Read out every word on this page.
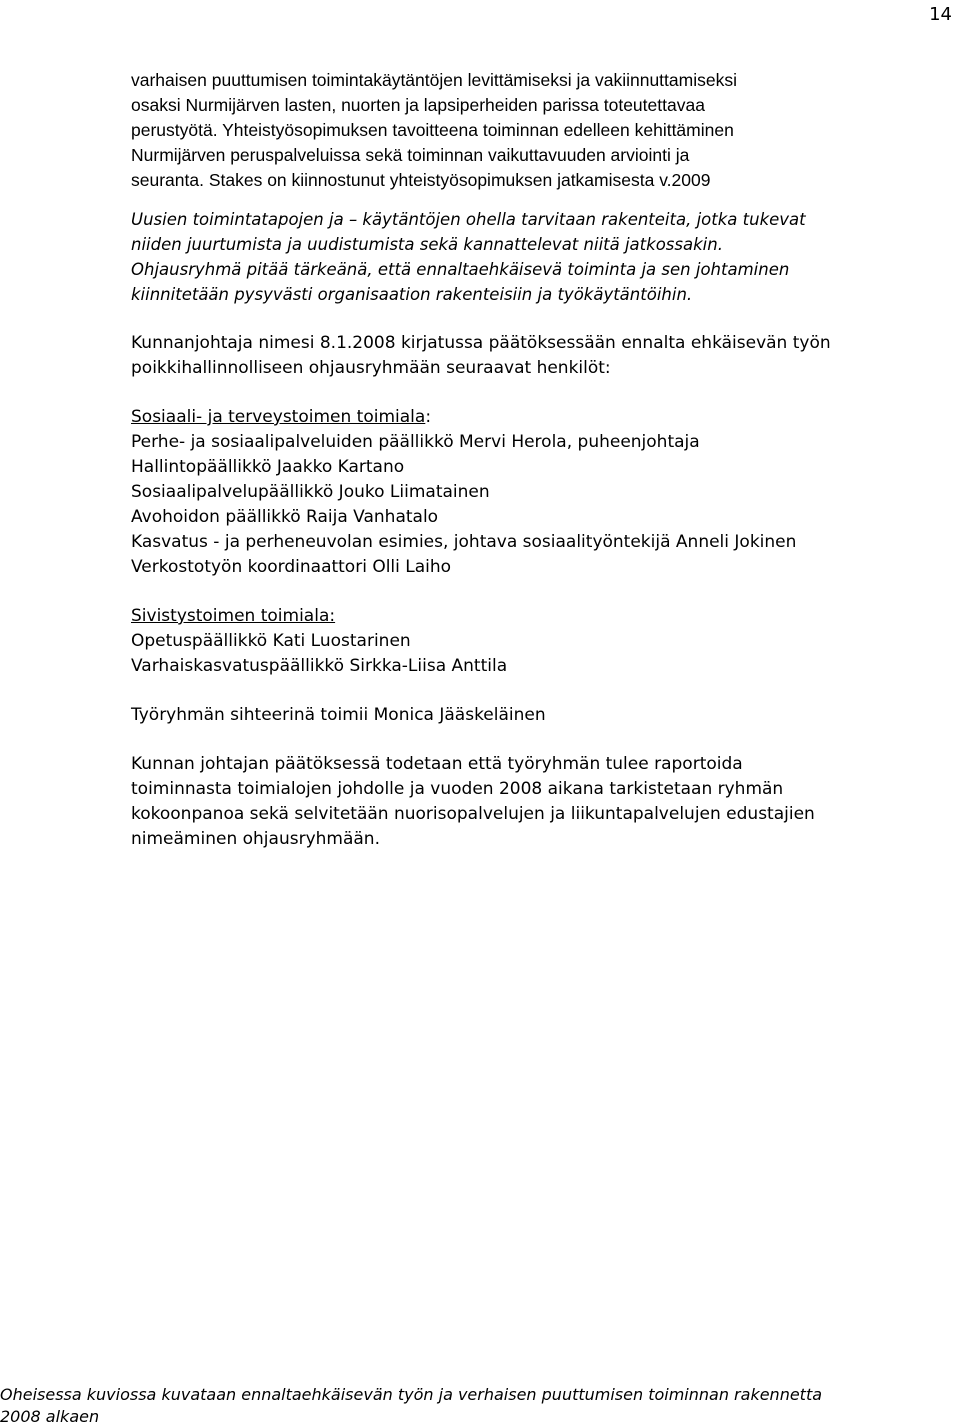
14

varhaisen puuttumisen toimintakäytäntöjen levittämiseksi ja vakiinnuttamiseksi

osaksi Nurmijärven lasten, nuorten ja lapsiperheiden parissa toteutettavaa

perustyötä. Yhteistyösopimuksen tavoitteena toiminnan edelleen kehittäminen

Nurmijärven peruspalveluissa sekä toiminnan vaikuttavuuden arviointi ja

seuranta. Stakes on kiinnostunut yhteistyösopimuksen jatkamisesta v.2009

Uusien toimintatapojen ja – käytäntöjen ohella tarvitaan rakenteita, jotka tukevat

niiden juurtumista ja uudistumista sekä kannattelevat niitä jatkossakin.

Ohjausryhmä pitää tärkeänä, että ennaltaehkäisevä toiminta ja sen johtaminen

kiinnitetään pysyvästi organisaation rakenteisiin ja työkäytäntöihin.

Kunnanjohtaja nimesi 8.1.2008 kirjatussa päätöksessään ennalta ehkäisevän työn

poikkihallinnolliseen ohjausryhmään seuraavat henkilöt:

Sosiaali- ja terveystoimen toimiala:

Perhe- ja sosiaalipalveluiden päällikkö Mervi Herola, puheenjohtaja

Hallintopäällikkö Jaakko Kartano

Sosiaalipalvelupäällikkö Jouko Liimatainen

Avohoidon päällikkö Raija Vanhatalo

Kasvatus - ja perheneuvolan esimies, johtava sosiaalityöntekijä Anneli Jokinen

Verkostotyön koordinaattori Olli Laiho

Sivistystoimen toimiala:

Opetuspäällikkö Kati Luostarinen

Varhaiskasvatuspäällikkö Sirkka-Liisa Anttila

Työryhmän sihteerinä toimii Monica Jääskeläinen

Kunnan johtajan päätöksessä todetaan että työryhmän tulee raportoida

toiminnasta toimialojen johdolle ja vuoden 2008 aikana tarkistetaan ryhmän

kokoonpanoa sekä selvitetään nuorisopalvelujen ja liikuntapalvelujen edustajien

nimeäminen ohjausryhmään.

Oheisessa kuviossa kuvataan ennaltaehkäisevän työn ja verhaisen puuttumisen toiminnan rakennetta

2008 alkaen
